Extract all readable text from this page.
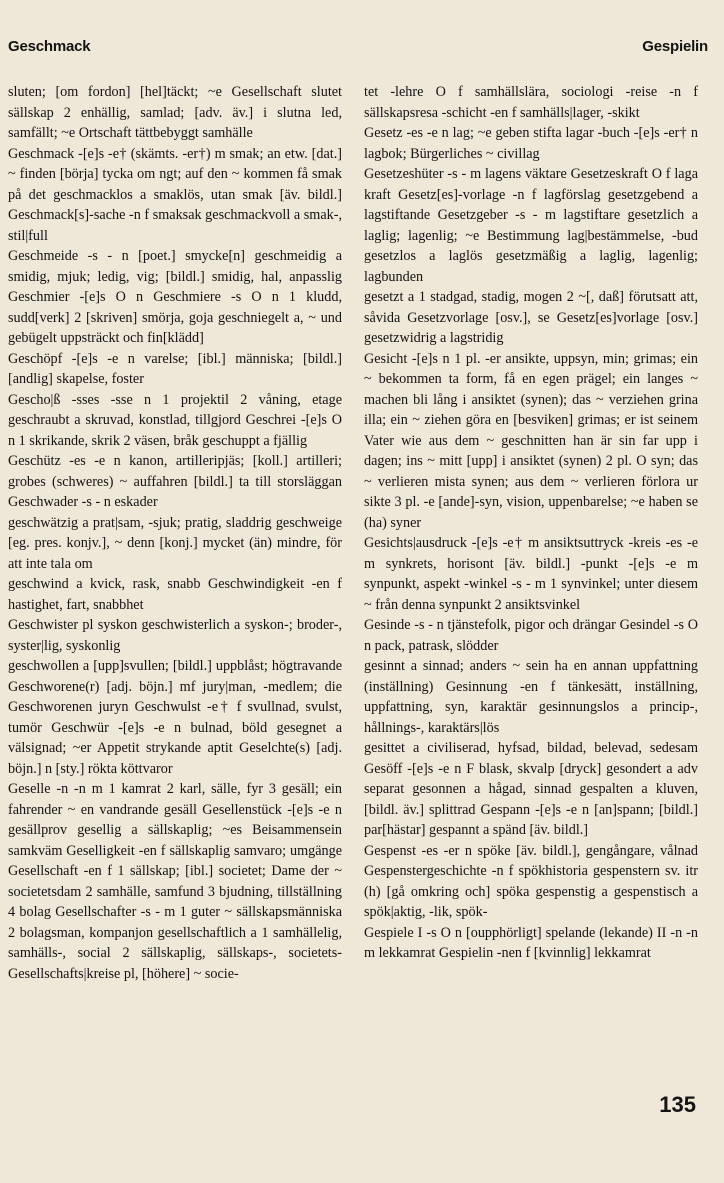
Geschmack	Gespielin

sluten; [om fordon] [hel]täckt; ~e Gesellschaft slutet sällskap 2 enhällig, samlad; [adv. äv.] i slutna led, samfällt; ~e Ortschaft tättbebyggt samhälle

Geschmack -[e]s -e† (skämts. -er†) m smak; an etw. [dat.] ~ finden [börja] tycka om ngt; auf den ~ kommen få smak på det geschmacklos a smaklös, utan smak [äv. bildl.] Geschmack[s]-sache -n f smaksak geschmackvoll a smak-, stil|full

Geschmeide -s - n [poet.] smycke[n] geschmeidig a smidig, mjuk; ledig, vig; [bildl.] smidig, hal, anpasslig Geschmier -[e]s O n Geschmiere -s O n 1 kludd, sudd[verk] 2 [skriven] smörja, goja geschniegelt a, ~ und gebügelt uppsträckt och fin[klädd]

Geschöpf -[e]s -e n varelse; [ibl.] människa; [bildl.] [andlig] skapelse, foster

Gescho|ß -sses -sse n 1 projektil 2 våning, etage geschraubt a skruvad, konstlad, tillgjord Geschrei -[e]s O n 1 skrikande, skrik 2 väsen, bråk geschuppt a fjällig

Geschütz -es -e n kanon, artilleripjäs; [koll.] artilleri; grobes (schweres) ~ auffahren [bildl.] ta till storsläggan Geschwader -s - n eskader

geschwätzig a prat|sam, -sjuk; pratig, sladdrig geschweige [eg. pres. konjv.], ~ denn [konj.] mycket (än) mindre, för att inte tala om

geschwind a kvick, rask, snabb Geschwindigkeit -en f hastighet, fart, snabbhet

Geschwister pl syskon geschwisterlich a syskon-; broder-, syster|lig, syskonlig

geschwollen a [upp]svullen; [bildl.] uppblåst; högtravande Geschworene(r) [adj. böjn.] mf jury|man, -medlem; die Geschworenen juryn Geschwulst -e† f svullnad, svulst, tumör Geschwür -[e]s -e n bulnad, böld gesegnet a välsignad; ~er Appetit strykande aptit Geselchte(s) [adj. böjn.] n [sty.] rökta köttvaror

Geselle -n -n m 1 kamrat 2 karl, sälle, fyr 3 gesäll; ein fahrender ~ en vandrande gesäll Gesellenstück -[e]s -e n gesällprov gesellig a sällskaplig; ~es Beisammensein samkväm Geselligkeit -en f sällskaplig samvaro; umgänge Gesellschaft -en f 1 sällskap; [ibl.] societet; Dame der ~ societetsdam 2 samhälle, samfund 3 bjudning, tillställning 4 bolag Gesellschafter -s - m 1 guter ~ sällskapsmänniska 2 bolagsman, kompanjon gesellschaftlich a 1 samhällelig, samhälls-, social 2 sällskaplig, sällskaps-, societets- Gesellschafts|kreise pl, [höhere] ~ socie-

tet -lehre O f samhällslära, sociologi -reise -n f sällskapsresa -schicht -en f samhälls|lager, -skikt

Gesetz -es -e n lag; ~e geben stifta lagar -buch -[e]s -er† n lagbok; Bürgerliches ~ civillag

Gesetzeshüter -s - m lagens väktare Gesetzeskraft O f laga kraft Gesetz[es]-vorlage -n f lagförslag gesetzgebend a lagstiftande Gesetzgeber -s - m lagstiftare gesetzlich a laglig; lagenlig; ~e Bestimmung lag|bestämmelse, -bud gesetzlos a laglös gesetzmäßig a laglig, lagenlig; lagbunden

gesetzt a 1 stadgad, stadig, mogen 2 ~[, daß] förutsatt att, såvida Gesetzvorlage [osv.], se Gesetz[es]vorlage [osv.] gesetzwidrig a lagstridig

Gesicht -[e]s n 1 pl. -er ansikte, uppsyn, min; grimas; ein ~ bekommen ta form, få en egen prägel; ein langes ~ machen bli lång i ansiktet (synen); das ~ verziehen grina illa; ein ~ ziehen göra en [besviken] grimas; er ist seinem Vater wie aus dem ~ geschnitten han är sin far upp i dagen; ins ~ mitt [upp] i ansiktet (synen) 2 pl. O syn; das ~ verlieren mista synen; aus dem ~ verlieren förlora ur sikte 3 pl. -e [ande]-syn, vision, uppenbarelse; ~e haben se (ha) syner

Gesichts|ausdruck -[e]s -e† m ansiktsuttryck -kreis -es -e m synkrets, horisont [äv. bildl.] -punkt -[e]s -e m synpunkt, aspekt -winkel -s - m 1 synvinkel; unter diesem ~ från denna synpunkt 2 ansiktsvinkel

Gesinde -s - n tjänstefolk, pigor och drängar Gesindel -s O n pack, patrask, slödder

gesinnt a sinnad; anders ~ sein ha en annan uppfattning (inställning) Gesinnung -en f tänkesätt, inställning, uppfattning, syn, karaktär gesinnungslos a princip-, hållnings-, karaktärs|lös

gesittet a civiliserad, hyfsad, bildad, belevad, sedesam Gesöff -[e]s -e n F blask, skvalp [dryck] gesondert a adv separat gesonnen a hågad, sinnad gespalten a kluven, [bildl. äv.] splittrad Gespann -[e]s -e n [an]spann; [bildl.] par[hästar] gespannt a spänd [äv. bildl.]

Gespenst -es -er n spöke [äv. bildl.], gengångare, vålnad Gespenstergeschichte -n f spökhistoria gespenstern sv. itr (h) [gå omkring och] spöka gespenstig a gespenstisch a spök|aktig, -lik, spök-

Gespiele I -s O n [oupphörligt] spelande (lekande) II -n -n m lekkamrat Gespielin -nen f [kvinnlig] lekkamrat

135
